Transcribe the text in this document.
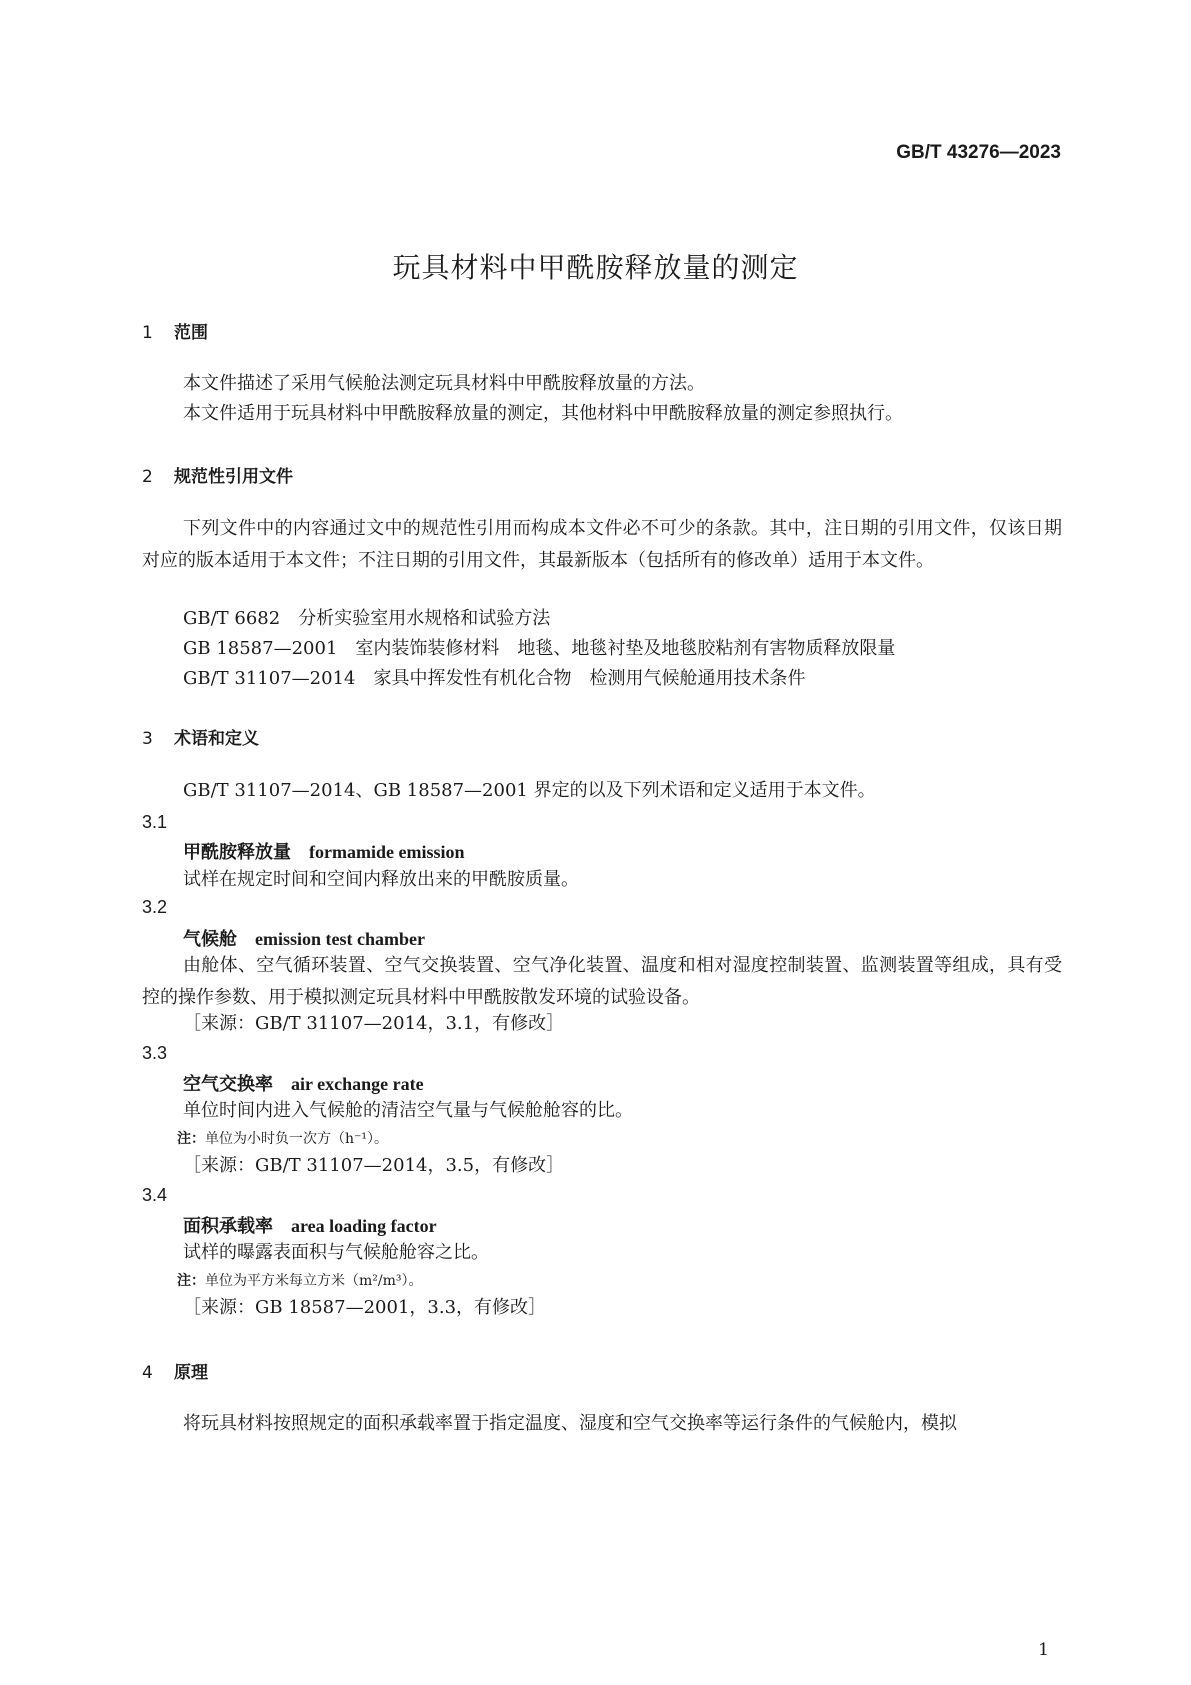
GB/T 43276—2023
玩具材料中甲酰胺释放量的测定
1 范围
本文件描述了采用气候舱法测定玩具材料中甲酰胺释放量的方法。
本文件适用于玩具材料中甲酰胺释放量的测定，其他材料中甲酰胺释放量的测定参照执行。
2 规范性引用文件
下列文件中的内容通过文中的规范性引用而构成本文件必不可少的条款。其中，注日期的引用文件，仅该日期对应的版本适用于本文件；不注日期的引用文件，其最新版本（包括所有的修改单）适用于本文件。
GB/T 6682 分析实验室用水规格和试验方法
GB 18587—2001 室内装饰装修材料　地毯、地毯衬垫及地毯胶粘剂有害物质释放限量
GB/T 31107—2014 家具中挥发性有机化合物　检测用气候舱通用技术条件
3 术语和定义
GB/T 31107—2014、GB 18587—2001 界定的以及下列术语和定义适用于本文件。
3.1
甲酰胺释放量 formamide emission
试样在规定时间和空间内释放出来的甲酰胺质量。
3.2
气候舱 emission test chamber
由舱体、空气循环装置、空气交换装置、空气净化装置、温度和相对湿度控制装置、监测装置等组成，具有受控的操作参数、用于模拟测定玩具材料中甲酰胺散发环境的试验设备。
［来源：GB/T 31107—2014，3.1，有修改］
3.3
空气交换率 air exchange rate
单位时间内进入气候舱的清洁空气量与气候舱舱容的比。
注：单位为小时负一次方（h⁻¹）。
［来源：GB/T 31107—2014，3.5，有修改］
3.4
面积承载率 area loading factor
试样的曝露表面积与气候舱舱容之比。
注：单位为平方米每立方米（m²/m³）。
［来源：GB 18587—2001，3.3，有修改］
4 原理
将玩具材料按照规定的面积承载率置于指定温度、湿度和空气交换率等运行条件的气候舱内，模拟
1
